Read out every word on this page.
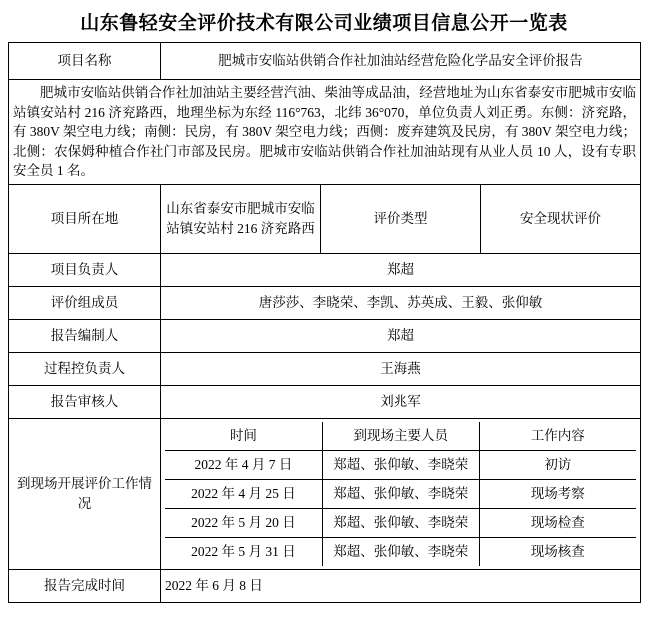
山东鲁轻安全评价技术有限公司业绩项目信息公开一览表
项目名称	肥城市安临站供销合作社加油站经营危险化学品安全评价报告
肥城市安临站供销合作社加油站主要经营汽油、柴油等成品油，经营地址为山东省泰安市肥城市安临站镇安站村 216 济兖路西，地理坐标为东经 116°763，北纬 36°070，单位负责人刘正勇。东侧：济兖路，有 380V 架空电力线；南侧：民房，有 380V 架空电力线；西侧：废弃建筑及民房，有 380V 架空电力线；北侧：农保姆种植合作社门市部及民房。肥城市安临站供销合作社加油站现有从业人员 10 人，设有专职安全员 1 名。
项目所在地	山东省泰安市肥城市安临站镇安站村 216 济兖路西	评价类型	安全现状评价
项目负责人	郑超
评价组成员	唐莎莎、李晓荣、李凯、苏英成、王毅、张仰敏
报告编制人	郑超
过程控负责人	王海燕
报告审核人	刘兆军
到现场开展评价工作情况	
时间	到现场主要人员	工作内容
2022 年 4 月 7 日	郑超、张仰敏、李晓荣	初访
2022 年 4 月 25 日	郑超、张仰敏、李晓荣	现场考察
2022 年 5 月 20 日	郑超、张仰敏、李晓荣	现场检查
2022 年 5 月 31 日	郑超、张仰敏、李晓荣	现场核查

报告完成时间	2022 年 6 月 8 日
